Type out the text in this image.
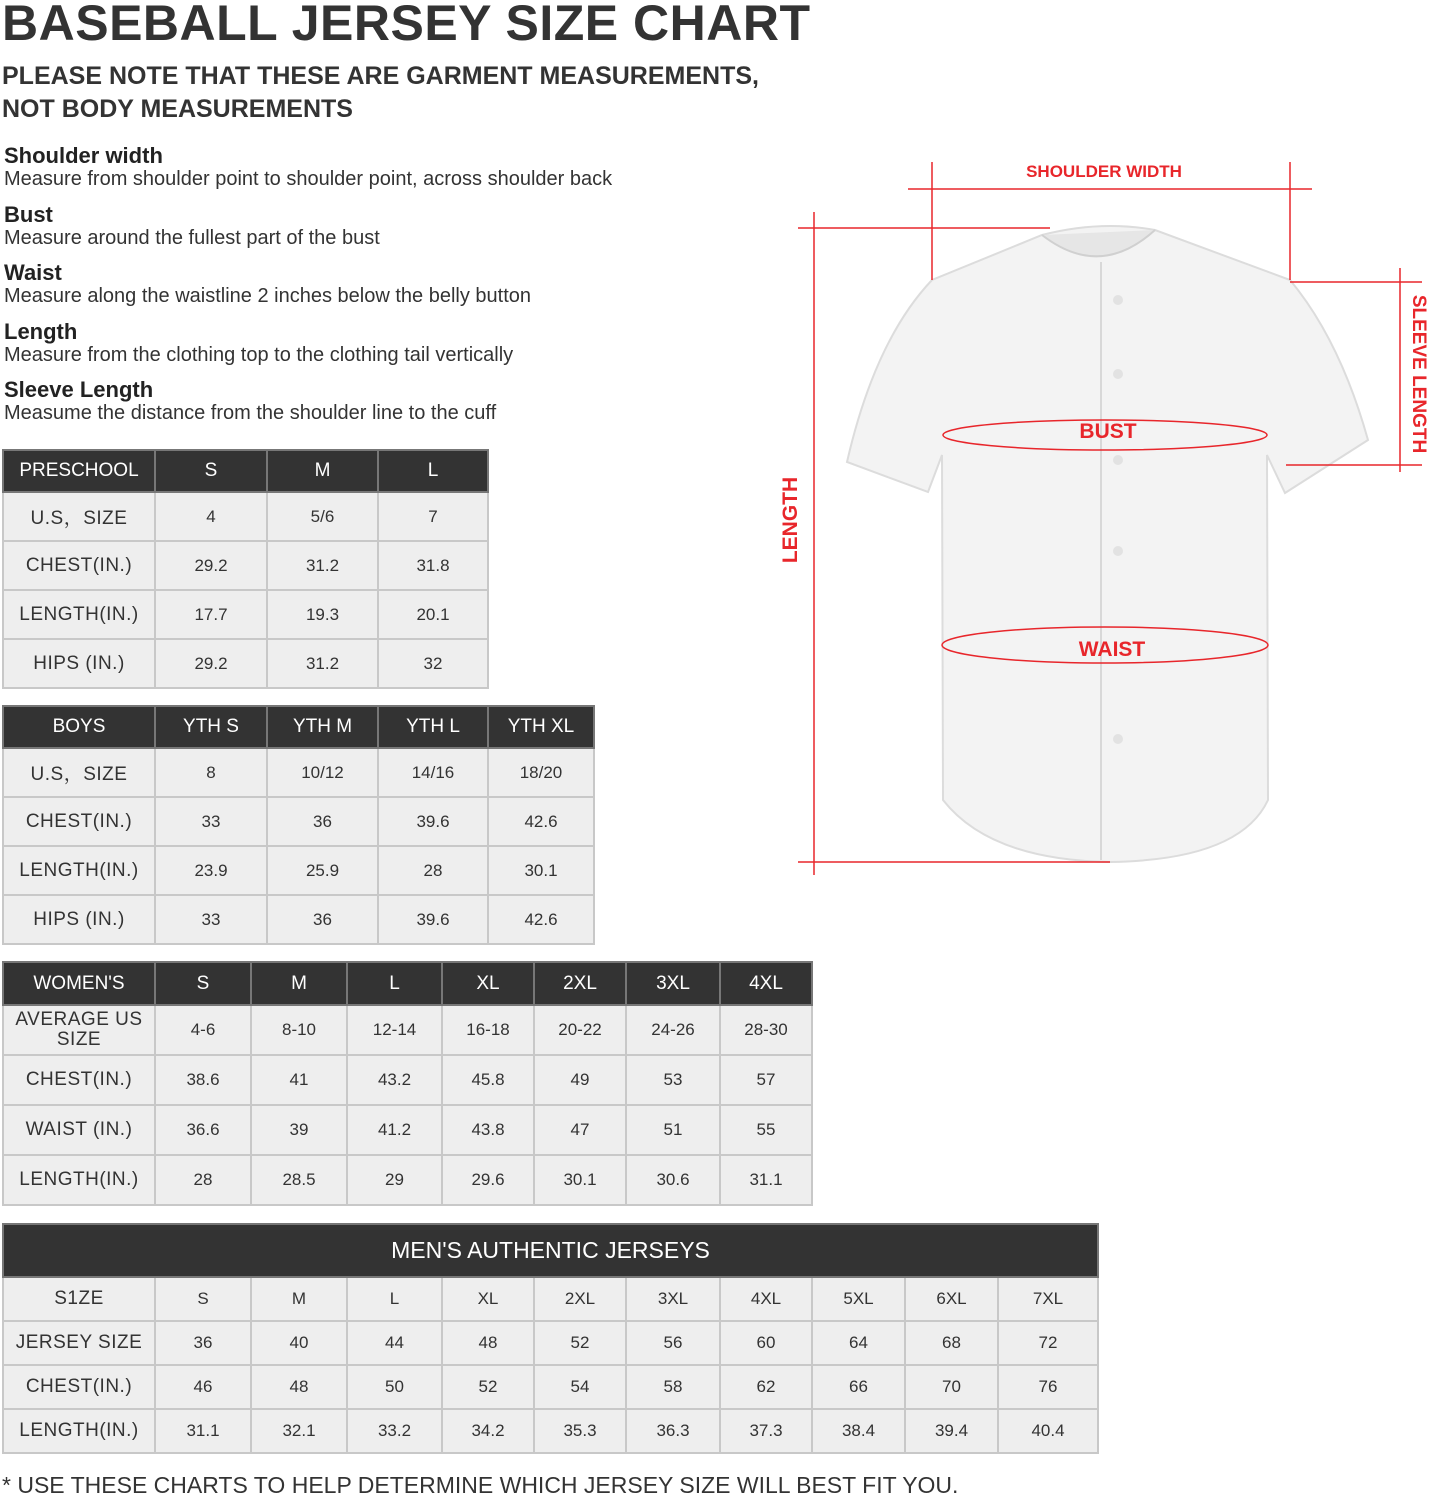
BASEBALL JERSEY SIZE CHART
PLEASE NOTE THAT THESE ARE GARMENT MEASUREMENTS,
NOT BODY MEASUREMENTS
Shoulder width
Measure from shoulder point to shoulder point, across shoulder back
Bust
Measure around the fullest part of the bust
Waist
Measure along the waistline 2 inches below the belly button
Length
Measure from the clothing top to the clothing tail vertically
Sleeve Length
Measume the distance from the shoulder line to the cuff
PRESCHOOL	S	M	L
U.S，SIZE	4	5/6	7
CHEST(IN.)	29.2	31.2	31.8
LENGTH(IN.)	17.7	19.3	20.1
HIPS (IN.)	29.2	31.2	32
BOYS	YTH S	YTH M	YTH L	YTH XL
U.S，SIZE	8	10/12	14/16	18/20
CHEST(IN.)	33	36	39.6	42.6
LENGTH(IN.)	23.9	25.9	28	30.1
HIPS (IN.)	33	36	39.6	42.6
WOMEN'S	S	M	L	XL	2XL	3XL	4XL
AVERAGE US SIZE	4-6	8-10	12-14	16-18	20-22	24-26	28-30
CHEST(IN.)	38.6	41	43.2	45.8	49	53	57
WAIST (IN.)	36.6	39	41.2	43.8	47	51	55
LENGTH(IN.)	28	28.5	29	29.6	30.1	30.6	31.1
MEN'S AUTHENTIC JERSEYS										
S1ZE	S	M	L	XL	2XL	3XL	4XL	5XL	6XL	7XL
JERSEY SIZE	36	40	44	48	52	56	60	64	68	72
CHEST(IN.)	46	48	50	52	54	58	62	66	70	76
LENGTH(IN.)	31.1	32.1	33.2	34.2	35.3	36.3	37.3	38.4	39.4	40.4
SHOULDER WIDTH
BUST
WAIST
LENGTH
SLEEVE LENGTH
* USE THESE CHARTS TO HELP DETERMINE WHICH JERSEY SIZE WILL BEST FIT YOU.
